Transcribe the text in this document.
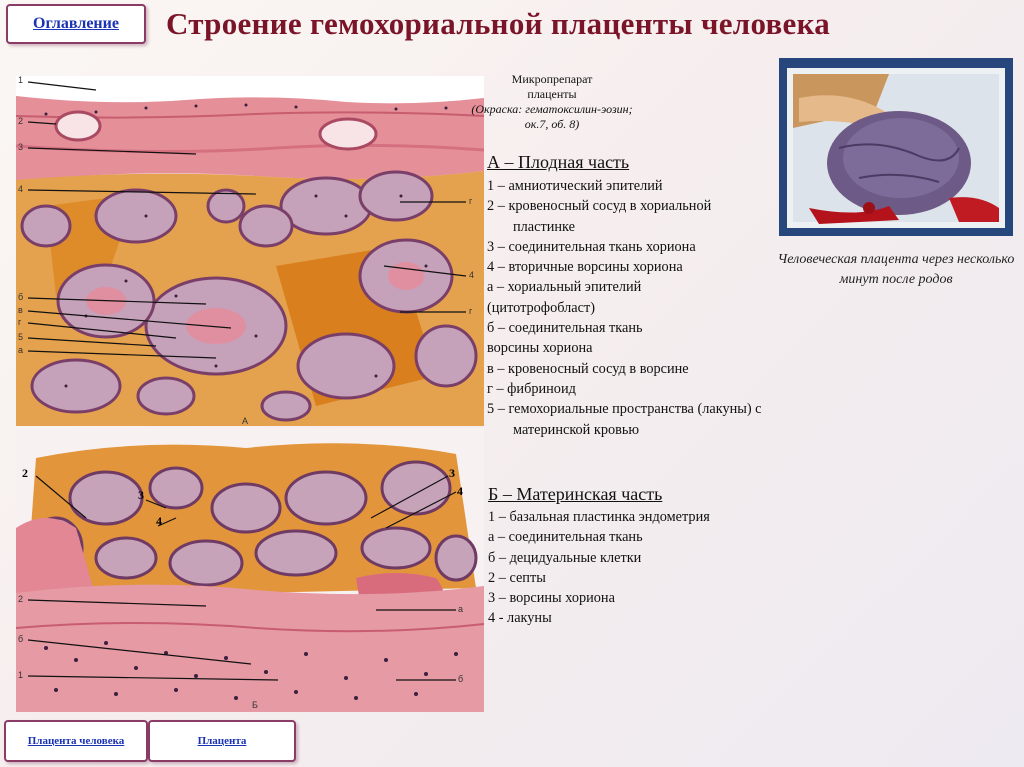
Оглавление	Строение гемохориальной плаценты человека
1
2
3
4
б
в
г
5
а
г
4
г
А
2
3
4
3
4
2
б
1
а
б
Б
Микропрепарат
плаценты
(Окраска: гематоксилин-эозин; ок.7, об. 8)
А – Плодная часть
1 – амниотический эпителий
2 – кровеносный сосуд в хориальной
пластинке
3 – соединительная ткань хориона
4 – вторичные ворсины хориона
а – хориальный эпителий
(цитотрофобласт)
б – соединительная ткань
ворсины хориона
в – кровеносный сосуд в ворсине
г – фибриноид
5 – гемохориальные пространства (лакуны) с
материнской кровью
Б – Материнская часть
1 – базальная пластинка эндометрия
а – соединительная ткань
б – децидуальные клетки
2 – септы
3 – ворсины хориона
4 - лакуны
Человеческая плацента через несколько минут после родов
Плацента человека	Плацента
